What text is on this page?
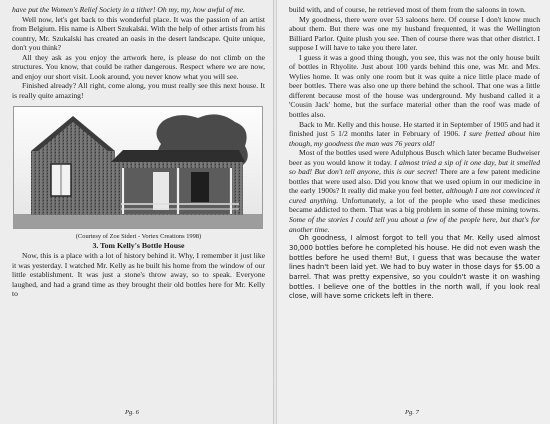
have put the Women's Relief Society in a tither! Oh my, my, how awful of me.

Well now, let's get back to this wonderful place. It was the passion of an artist from Belgium. His name is Albert Szukalski. With the help of other artists from his country, Mr. Szukalski has created an oasis in the desert landscape. Quite unique, don't you think?

All they ask as you enjoy the artwork here, is please do not climb on the structures. You know, that could be rather dangerous. Respect where we are now, and enjoy our short visit. Look around, you never know what you will see.

Finished already? All right, come along, you must really see this next house. It is really quite amazing!

(Courtesy of Zoe Sideri - Vortex Creations 1998)
3. Tom Kelly's Bottle House

Now, this is a place with a lot of history behind it. Why, I remember it just like it was yesterday. I watched Mr. Kelly as he built his home from the window of our little establishment. It was just a stone's throw away, so to speak. Everyone laughed, and had a grand time as they brought their old bottles here for Mr. Kelly to

Pg. 6

build with, and of course, he retrieved most of them from the saloons in town.

My goodness, there were over 53 saloons here. Of course I don't know much about them. But there was one my husband frequented, it was the Wellington Billiard Parlor. Quite plush you see. Then of course there was that other district. I suppose I will have to take you there later.

I guess it was a good thing though, you see, this was not the only house built of bottles in Rhyolite. Just about 100 yards behind this one, was Mr. and Mrs. Wylies home. It was only one room but it was quite a nice little place made of beer bottles. There was also one up there behind the school. That one was a little different because most of the house was underground. My husband called it a 'Cousin Jack' home, but the surface material other than the roof was made of bottles also.

Back to Mr. Kelly and this house. He started it in September of 1905 and had it finished just 5 1/2 months later in February of 1906. I sure fretted about him though, my goodness the man was 76 years old!

Most of the bottles used were Adulphous Busch which later became Budweiser beer as you would know it today. I almost tried a sip of it one day, but it smelled so bad! But don't tell anyone, this is our secret! There are a few patent medicine bottles that were used also. Did you know that we used opium in our medicine in the early 1900s? It really did make you feel better, although I am not convinced it cured anything. Unfortunately, a lot of the people who used these medicines became addicted to them. That was a big problem in some of these mining towns. Some of the stories I could tell you about a few of the people here, but that's for another time.

Oh goodness, I almost forgot to tell you that Mr. Kelly used almost 30,000 bottles before he completed his house. He did not even wash the bottles before he used them! But, I guess that was because the water lines hadn't been laid yet. We had to buy water in those days for $5.00 a barrel. That was pretty expensive, so you couldn't waste it on washing bottles. I believe one of the bottles in the north wall, if you look real close, will have some crickets left in there.

Pg. 7
